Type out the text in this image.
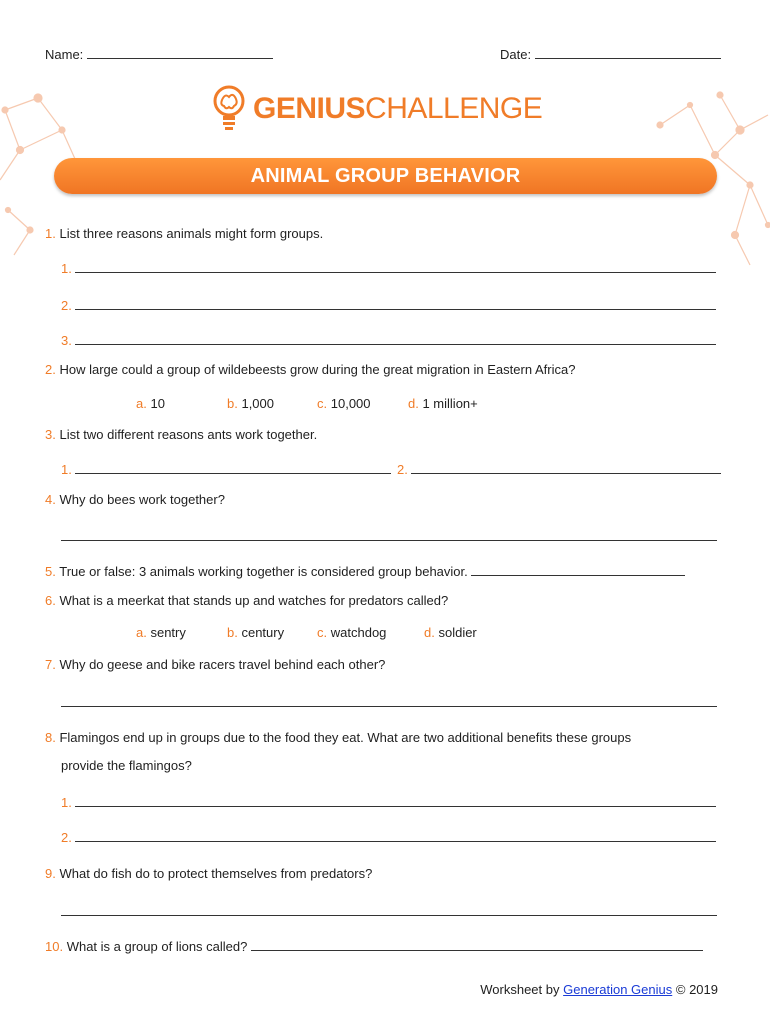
Name:	Date:
GENIUSCHALLENGE
ANIMAL GROUP BEHAVIOR
1. List three reasons animals might form groups.
1.
2.
3.
2. How large could a group of wildebeests grow during the great migration in Eastern Africa?
a. 10	b. 1,000	c. 10,000	d. 1 million+
3. List two different reasons ants work together.
1.	2.
4. Why do bees work together?
5. True or false: 3 animals working together is considered group behavior.
6. What is a meerkat that stands up and watches for predators called?
a. sentry	b. century	c. watchdog	d. soldier
7. Why do geese and bike racers travel behind each other?
8. Flamingos end up in groups due to the food they eat. What are two additional benefits these groups
provide the flamingos?
1.
2.
9. What do fish do to protect themselves from predators?
10. What is a group of lions called?
Worksheet by Generation Genius © 2019
